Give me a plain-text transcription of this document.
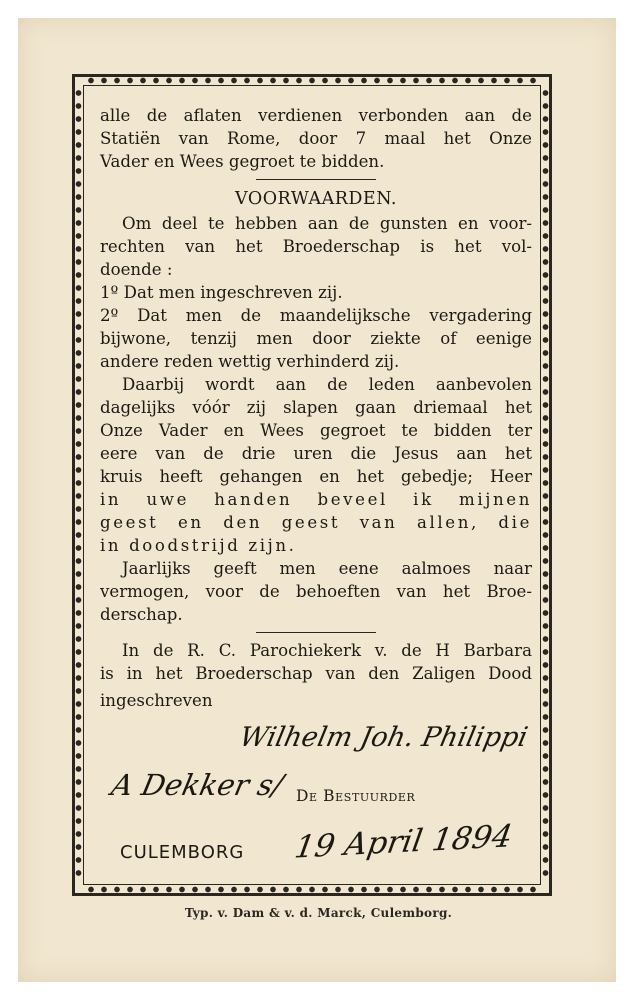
alle de aflaten verdienen verbonden aan de
Statiën van Rome, door 7 maal het Onze
Vader en Wees gegroet te bidden.
VOORWAARDEN.
Om deel te hebben aan de gunsten en voor-
rechten van het Broederschap is het vol-
doende :
1º Dat men ingeschreven zij.
2º Dat men de maandelijksche vergadering
bijwone, tenzij men door ziekte of eenige
andere reden wettig verhinderd zij.
Daarbij wordt aan de leden aanbevolen
dagelijks vóór zij slapen gaan driemaal het
Onze Vader en Wees gegroet te bidden ter
eere van de drie uren die Jesus aan het
kruis heeft gehangen en het gebedje; Heer
in uwe handen beveel ik mijnen
geest en den geest van allen, die
in doodstrijd zijn.
Jaarlijks geeft men eene aalmoes naar
vermogen, voor de behoeften van het Broe-
derschap.
In de R. C. Parochiekerk v. de H Barbara
is in het Broederschap van den Zaligen Dood
ingeschreven
Wilhelm Joh. Philippi
A Dekker s/ De Bestuurder
CULEMBORG 19 April 1894
Typ. v. Dam & v. d. Marck, Culemborg.
